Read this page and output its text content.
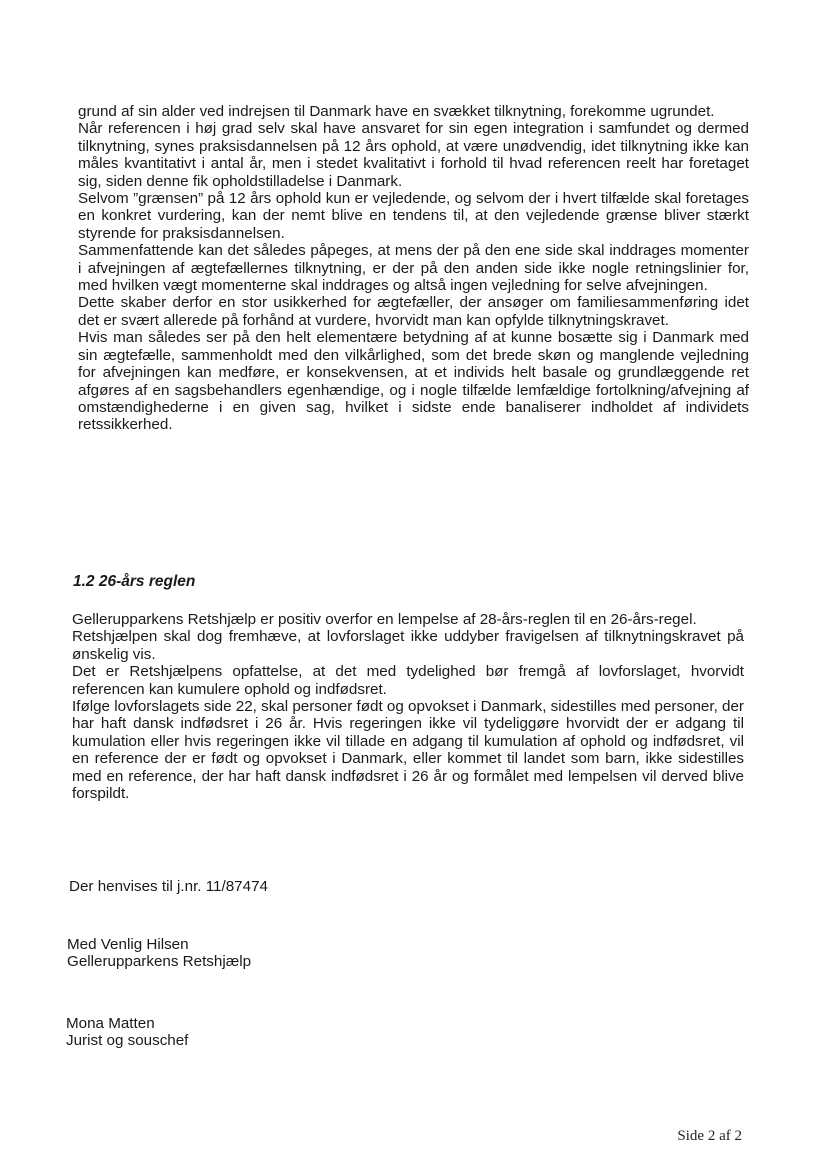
grund af sin alder ved indrejsen til Danmark have en svækket tilknytning, forekomme ugrundet.

Når referencen i høj grad selv skal have ansvaret for sin egen integration i samfundet og dermed tilknytning, synes praksisdannelsen på 12 års ophold, at være unødvendig, idet tilknytning ikke kan måles kvantitativt i antal år, men i stedet kvalitativt i forhold til hvad referencen reelt har foretaget sig, siden denne fik opholdstilladelse i Danmark.

Selvom ”grænsen” på 12 års ophold kun er vejledende, og selvom der i hvert tilfælde skal foretages en konkret vurdering, kan der nemt blive en tendens til, at den vejledende grænse bliver stærkt styrende for praksisdannelsen.

Sammenfattende kan det således påpeges, at mens der på den ene side skal inddrages momenter i afvejningen af ægtefællernes tilknytning, er der på den anden side ikke nogle retningslinier for, med hvilken vægt momenterne skal inddrages og altså ingen vejledning for selve afvejningen.

Dette skaber derfor en stor usikkerhed for ægtefæller, der ansøger om familiesammenføring idet det er svært allerede på forhånd at vurdere, hvorvidt man kan opfylde tilknytningskravet.

Hvis man således ser på den helt elementære betydning af at kunne bosætte sig i Danmark med sin ægtefælle, sammenholdt med den vilkårlighed, som det brede skøn og manglende vejledning for afvejningen kan medføre, er konsekvensen, at et individs helt basale og grundlæggende ret afgøres af en sagsbehandlers egenhændige, og i nogle tilfælde lemfældige fortolkning/afvejning af omstændighederne i en given sag, hvilket i sidste ende banaliserer indholdet af individets retssikkerhed.

1.2 26-års reglen

Gellerupparkens Retshjælp er positiv overfor en lempelse af 28-års-reglen til en 26-års-regel.

Retshjælpen skal dog fremhæve, at lovforslaget ikke uddyber fravigelsen af tilknytningskravet på ønskelig vis.

Det er Retshjælpens opfattelse, at det med tydelighed bør fremgå af lovforslaget, hvorvidt referencen kan kumulere ophold og indfødsret.

Ifølge lovforslagets side 22, skal personer født og opvokset i Danmark, sidestilles med personer, der har haft dansk indfødsret i 26 år. Hvis regeringen ikke vil tydeliggøre hvorvidt der er adgang til kumulation eller hvis regeringen ikke vil tillade en adgang til kumulation af ophold og indfødsret, vil en reference der er født og opvokset i Danmark, eller kommet til landet som barn, ikke sidestilles med en reference, der har haft dansk indfødsret i 26 år og formålet med lempelsen vil derved blive forspildt.

Der henvises til j.nr. 11/87474

Med Venlig Hilsen

Gellerupparkens Retshjælp

Mona Matten

Jurist og souschef

Side 2 af 2
